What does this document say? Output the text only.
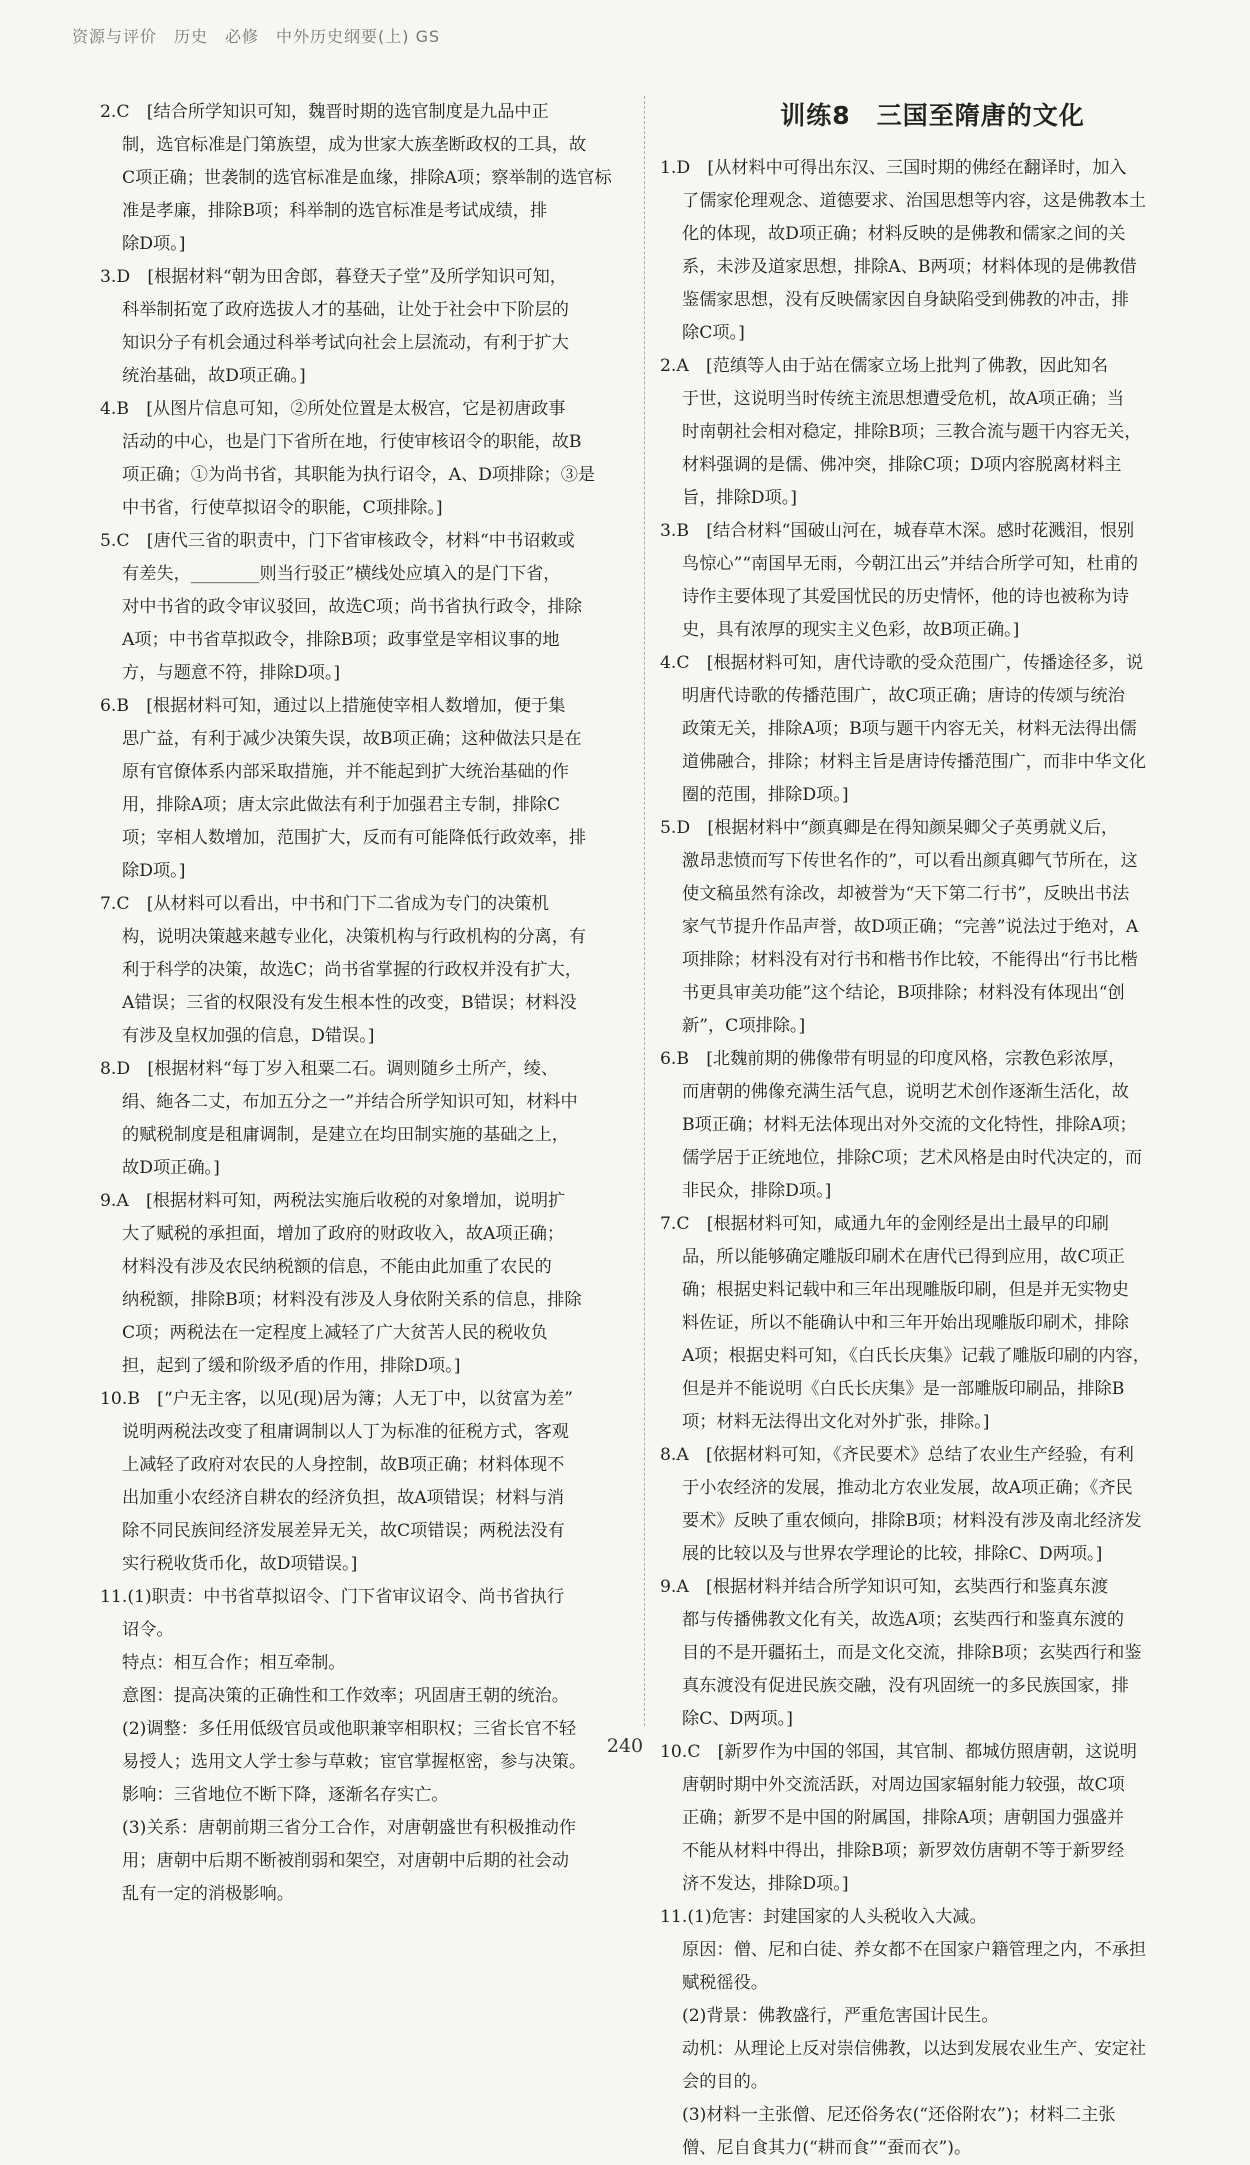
资源与评价　历史　必修　中外历史纲要(上) GS
2.C　[结合所学知识可知，魏晋时期的选官制度是九品中正
制，选官标准是门第族望，成为世家大族垄断政权的工具，故
C项正确；世袭制的选官标准是血缘，排除A项；察举制的选官标
准是孝廉，排除B项；科举制的选官标准是考试成绩，排
除D项。]
3.D　[根据材料“朝为田舍郎，暮登天子堂”及所学知识可知，
科举制拓宽了政府选拔人才的基础，让处于社会中下阶层的
知识分子有机会通过科举考试向社会上层流动，有利于扩大
统治基础，故D项正确。]
4.B　[从图片信息可知，②所处位置是太极宫，它是初唐政事
活动的中心，也是门下省所在地，行使审核诏令的职能，故B
项正确；①为尚书省，其职能为执行诏令，A、D项排除；③是
中书省，行使草拟诏令的职能，C项排除。]
5.C　[唐代三省的职责中，门下省审核政令，材料“中书诏敕或
有差失，________则当行驳正”横线处应填入的是门下省，
对中书省的政令审议驳回，故选C项；尚书省执行政令，排除
A项；中书省草拟政令，排除B项；政事堂是宰相议事的地
方，与题意不符，排除D项。]
6.B　[根据材料可知，通过以上措施使宰相人数增加，便于集
思广益，有利于减少决策失误，故B项正确；这种做法只是在
原有官僚体系内部采取措施，并不能起到扩大统治基础的作
用，排除A项；唐太宗此做法有利于加强君主专制，排除C
项；宰相人数增加，范围扩大，反而有可能降低行政效率，排
除D项。]
7.C　[从材料可以看出，中书和门下二省成为专门的决策机
构，说明决策越来越专业化，决策机构与行政机构的分离，有
利于科学的决策，故选C；尚书省掌握的行政权并没有扩大，
A错误；三省的权限没有发生根本性的改变，B错误；材料没
有涉及皇权加强的信息，D错误。]
8.D　[根据材料“每丁岁入租粟二石。调则随乡土所产，绫、
绢、絁各二丈，布加五分之一”并结合所学知识可知，材料中
的赋税制度是租庸调制，是建立在均田制实施的基础之上，
故D项正确。]
9.A　[根据材料可知，两税法实施后收税的对象增加，说明扩
大了赋税的承担面，增加了政府的财政收入，故A项正确；
材料没有涉及农民纳税额的信息，不能由此加重了农民的
纳税额，排除B项；材料没有涉及人身依附关系的信息，排除
C项；两税法在一定程度上减轻了广大贫苦人民的税收负
担，起到了缓和阶级矛盾的作用，排除D项。]
10.B　[“户无主客，以见(现)居为簿；人无丁中，以贫富为差”
说明两税法改变了租庸调制以人丁为标准的征税方式，客观
上减轻了政府对农民的人身控制，故B项正确；材料体现不
出加重小农经济自耕农的经济负担，故A项错误；材料与消
除不同民族间经济发展差异无关，故C项错误；两税法没有
实行税收货币化，故D项错误。]
11.(1)职责：中书省草拟诏令、门下省审议诏令、尚书省执行
诏令。
特点：相互合作；相互牵制。
意图：提高决策的正确性和工作效率；巩固唐王朝的统治。
(2)调整：多任用低级官员或他职兼宰相职权；三省长官不轻
易授人；选用文人学士参与草敕；宦官掌握枢密，参与决策。
影响：三省地位不断下降，逐渐名存实亡。
(3)关系：唐朝前期三省分工合作，对唐朝盛世有积极推动作
用；唐朝中后期不断被削弱和架空，对唐朝中后期的社会动
乱有一定的消极影响。
训练8　三国至隋唐的文化
1.D　[从材料中可得出东汉、三国时期的佛经在翻译时，加入
了儒家伦理观念、道德要求、治国思想等内容，这是佛教本土
化的体现，故D项正确；材料反映的是佛教和儒家之间的关
系，未涉及道家思想，排除A、B两项；材料体现的是佛教借
鉴儒家思想，没有反映儒家因自身缺陷受到佛教的冲击，排
除C项。]
2.A　[范缜等人由于站在儒家立场上批判了佛教，因此知名
于世，这说明当时传统主流思想遭受危机，故A项正确；当
时南朝社会相对稳定，排除B项；三教合流与题干内容无关，
材料强调的是儒、佛冲突，排除C项；D项内容脱离材料主
旨，排除D项。]
3.B　[结合材料“国破山河在，城春草木深。感时花溅泪，恨别
鸟惊心”“南国早无雨，今朝江出云”并结合所学可知，杜甫的
诗作主要体现了其爱国忧民的历史情怀，他的诗也被称为诗
史，具有浓厚的现实主义色彩，故B项正确。]
4.C　[根据材料可知，唐代诗歌的受众范围广，传播途径多，说
明唐代诗歌的传播范围广，故C项正确；唐诗的传颂与统治
政策无关，排除A项；B项与题干内容无关，材料无法得出儒
道佛融合，排除；材料主旨是唐诗传播范围广，而非中华文化
圈的范围，排除D项。]
5.D　[根据材料中“颜真卿是在得知颜杲卿父子英勇就义后，
激昂悲愤而写下传世名作的”，可以看出颜真卿气节所在，这
使文稿虽然有涂改，却被誉为“天下第二行书”，反映出书法
家气节提升作品声誉，故D项正确；“完善”说法过于绝对，A
项排除；材料没有对行书和楷书作比较，不能得出“行书比楷
书更具审美功能”这个结论，B项排除；材料没有体现出“创
新”，C项排除。]
6.B　[北魏前期的佛像带有明显的印度风格，宗教色彩浓厚，
而唐朝的佛像充满生活气息，说明艺术创作逐渐生活化，故
B项正确；材料无法体现出对外交流的文化特性，排除A项；
儒学居于正统地位，排除C项；艺术风格是由时代决定的，而
非民众，排除D项。]
7.C　[根据材料可知，咸通九年的金刚经是出土最早的印刷
品，所以能够确定雕版印刷术在唐代已得到应用，故C项正
确；根据史料记载中和三年出现雕版印刷，但是并无实物史
料佐证，所以不能确认中和三年开始出现雕版印刷术，排除
A项；根据史料可知，《白氏长庆集》记载了雕版印刷的内容，
但是并不能说明《白氏长庆集》是一部雕版印刷品，排除B
项；材料无法得出文化对外扩张，排除。]
8.A　[依据材料可知，《齐民要术》总结了农业生产经验，有利
于小农经济的发展，推动北方农业发展，故A项正确；《齐民
要术》反映了重农倾向，排除B项；材料没有涉及南北经济发
展的比较以及与世界农学理论的比较，排除C、D两项。]
9.A　[根据材料并结合所学知识可知，玄奘西行和鉴真东渡
都与传播佛教文化有关，故选A项；玄奘西行和鉴真东渡的
目的不是开疆拓土，而是文化交流，排除B项；玄奘西行和鉴
真东渡没有促进民族交融，没有巩固统一的多民族国家，排
除C、D两项。]
10.C　[新罗作为中国的邻国，其官制、都城仿照唐朝，这说明
唐朝时期中外交流活跃，对周边国家辐射能力较强，故C项
正确；新罗不是中国的附属国，排除A项；唐朝国力强盛并
不能从材料中得出，排除B项；新罗效仿唐朝不等于新罗经
济不发达，排除D项。]
11.(1)危害：封建国家的人头税收入大减。
原因：僧、尼和白徒、养女都不在国家户籍管理之内，不承担
赋税徭役。
(2)背景：佛教盛行，严重危害国计民生。
动机：从理论上反对崇信佛教，以达到发展农业生产、安定社
会的目的。
(3)材料一主张僧、尼还俗务农(“还俗附农”)；材料二主张
僧、尼自食其力(“耕而食”“蚕而衣”)。
240
